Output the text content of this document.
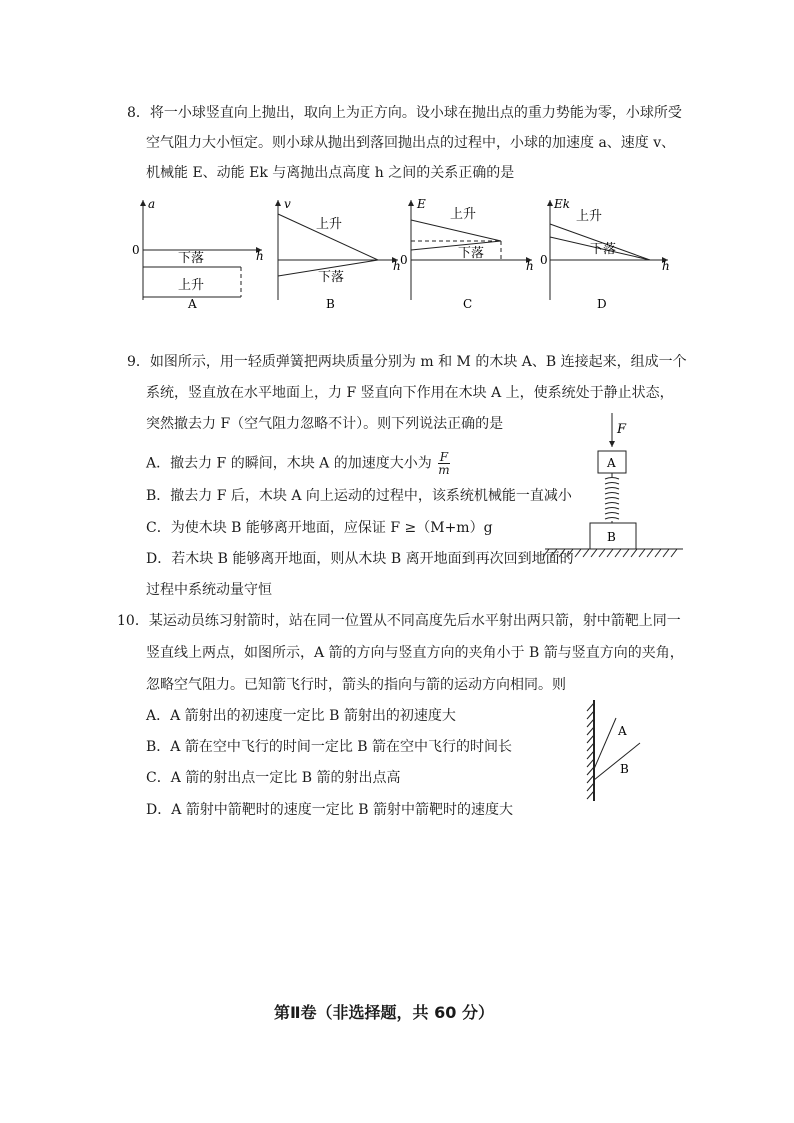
8．将一小球竖直向上抛出，取向上为正方向。设小球在抛出点的重力势能为零，小球所受
空气阻力大小恒定。则小球从抛出到落回抛出点的过程中，小球的加速度 a、速度 v、
机械能 E、动能 Ek 与离抛出点高度 h 之间的关系正确的是
a
0	h
下落
上升
A
v
h
上升
下落
B
E
0	h
上升
下落
C
Ek
0	h
上升
下落
D
9．如图所示，用一轻质弹簧把两块质量分别为 m 和 M 的木块 A、B 连接起来，组成一个
系统，竖直放在水平地面上，力 F 竖直向下作用在木块 A 上，使系统处于静止状态，
突然撤去力 F（空气阻力忽略不计）。则下列说法正确的是
A．撤去力 F 的瞬间，木块 A 的加速度大小为 $\frac{F}{m}$
B．撤去力 F 后，木块 A 向上运动的过程中，该系统机械能一直减小
C．为使木块 B 能够离开地面，应保证 F ≥（M+m）g
D．若木块 B 能够离开地面，则从木块 B 离开地面到再次回到地面的
过程中系统动量守恒
F
A
B
10．某运动员练习射箭时，站在同一位置从不同高度先后水平射出两只箭，射中箭靶上同一
竖直线上两点，如图所示，A 箭的方向与竖直方向的夹角小于 B 箭与竖直方向的夹角，
忽略空气阻力。已知箭飞行时，箭头的指向与箭的运动方向相同。则
A．A 箭射出的初速度一定比 B 箭射出的初速度大
B．A 箭在空中飞行的时间一定比 B 箭在空中飞行的时间长
C．A 箭的射出点一定比 B 箭的射出点高
D．A 箭射中箭靶时的速度一定比 B 箭射中箭靶时的速度大
A
B
第Ⅱ卷（非选择题，共 60 分）
